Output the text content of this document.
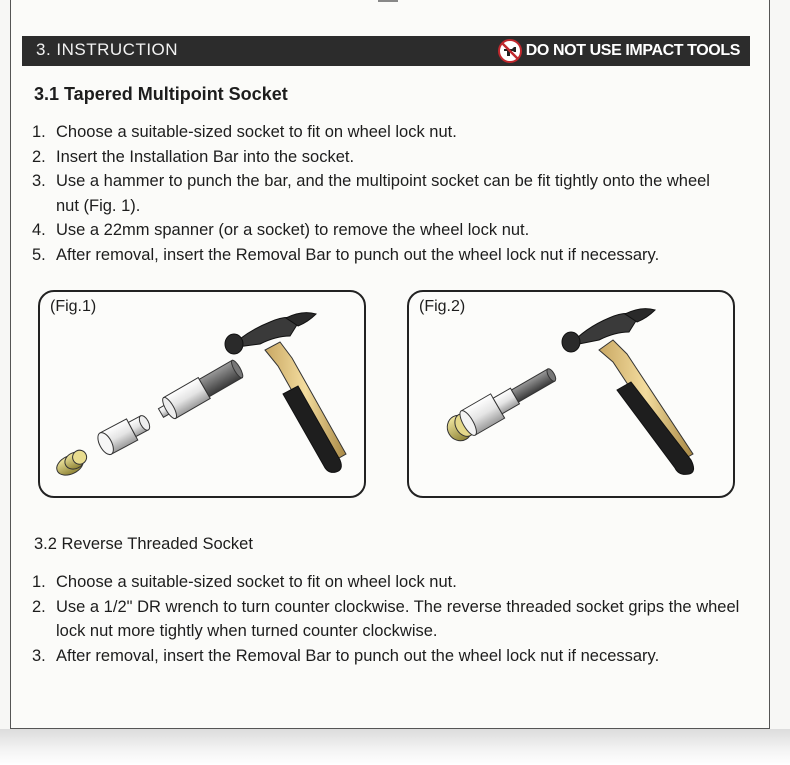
3. INSTRUCTION	DO NOT USE IMPACT TOOLS
3.1 Tapered Multipoint Socket
1. Choose a suitable-sized socket to fit on wheel lock nut.
2. Insert the Installation Bar into the socket.
3. Use a hammer to punch the bar, and the multipoint socket can be fit tightly onto the wheel nut (Fig. 1).
4. Use a 22mm spanner (or a socket) to remove the wheel lock nut.
5. After removal, insert the Removal Bar to punch out the wheel lock nut if necessary.
(Fig.1)	(Fig.2)
3.2 Reverse Threaded Socket
1. Choose a suitable-sized socket to fit on wheel lock nut.
2. Use a 1/2" DR wrench to turn counter clockwise. The reverse threaded socket grips the wheel lock nut more tightly when turned counter clockwise.
3. After removal, insert the Removal Bar to punch out the wheel lock nut if necessary.
